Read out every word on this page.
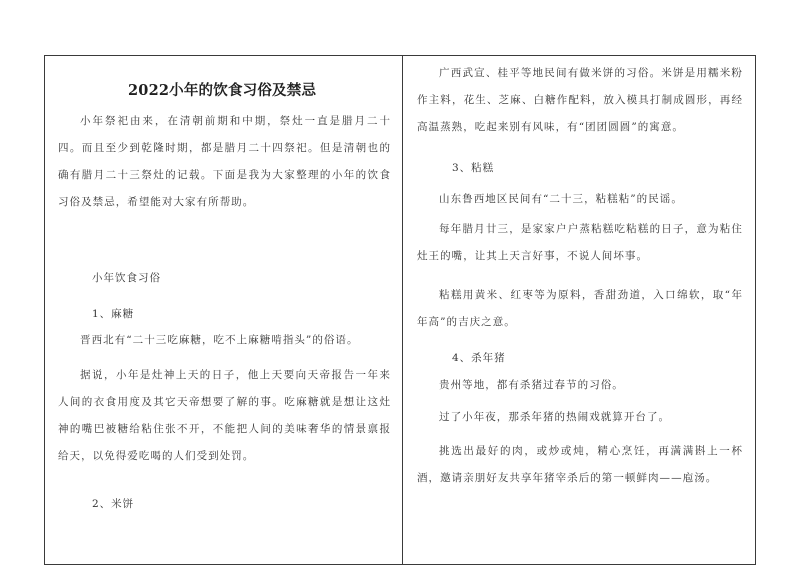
2022小年的饮食习俗及禁忌
小年祭祀由来，在清朝前期和中期，祭灶一直是腊月二十四。而且至少到乾隆时期，都是腊月二十四祭祀。但是清朝也的确有腊月二十三祭灶的记载。下面是我为大家整理的小年的饮食习俗及禁忌，希望能对大家有所帮助。
小年饮食习俗
1、麻糖
晋西北有“二十三吃麻糖，吃不上麻糖啃指头”的俗语。
据说，小年是灶神上天的日子，他上天要向天帝报告一年来人间的衣食用度及其它天帝想要了解的事。吃麻糖就是想让这灶神的嘴巴被糖给粘住张不开，不能把人间的美味奢华的情景禀报给天，以免得爱吃喝的人们受到处罚。
2、米饼
广西武宣、桂平等地民间有做米饼的习俗。米饼是用糯米粉作主料，花生、芝麻、白糖作配料，放入模具打制成圆形，再经高温蒸熟，吃起来别有风味，有“团团圆圆”的寓意。
3、粘糕
山东鲁西地区民间有“二十三，粘糕粘”的民谣。
每年腊月廿三，是家家户户蒸粘糕吃粘糕的日子，意为粘住灶王的嘴，让其上天言好事，不说人间坏事。
粘糕用黄米、红枣等为原料，香甜劲道，入口绵软，取“年年高”的吉庆之意。
4、杀年猪
贵州等地，都有杀猪过春节的习俗。
过了小年夜，那杀年猪的热闹戏就算开台了。
挑选出最好的肉，或炒或炖，精心烹饪，再满满斟上一杯酒，邀请亲朋好友共享年猪宰杀后的第一顿鲜肉——庖汤。
